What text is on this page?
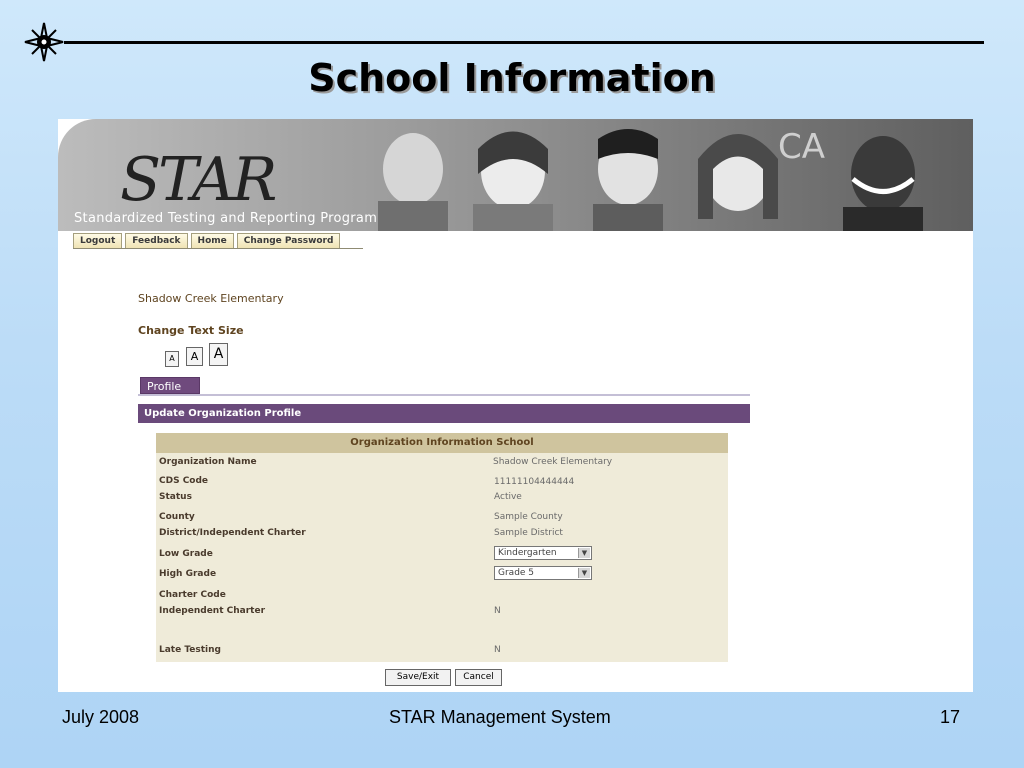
School Information
CA
STAR
Standardized Testing and Reporting Program
Logout	Feedback	Home	Change Password
Shadow Creek Elementary
Change Text Size
A	A	A
Profile
Update Organization Profile
Organization Information School
Organization Name	Shadow Creek Elementary
CDS Code	11111104444444
Status	Active
County	Sample County
District/Independent Charter	Sample District
Low Grade	Kindergarten	▼
High Grade	Grade 5	▼
Charter Code
Independent Charter	N
Late Testing	N
Save/Exit	Cancel
July 2008	STAR Management System	17
